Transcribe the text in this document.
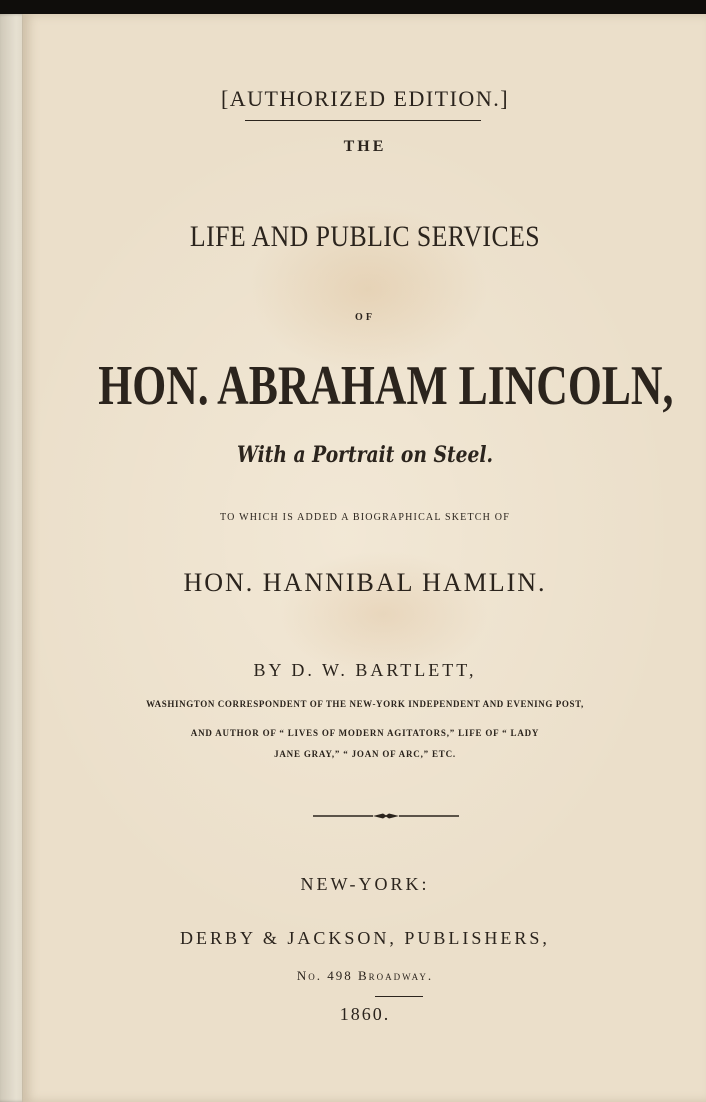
[AUTHORIZED EDITION.]

THE

LIFE AND PUBLIC SERVICES

OF

HON. ABRAHAM LINCOLN,

With a Portrait on Steel.

TO WHICH IS ADDED A BIOGRAPHICAL SKETCH OF

HON. HANNIBAL HAMLIN.

BY D. W. BARTLETT,

WASHINGTON CORRESPONDENT OF THE NEW-YORK INDEPENDENT AND EVENING POST,

AND AUTHOR OF “ LIVES OF MODERN AGITATORS,” LIFE OF “ LADY

JANE GRAY,” “ JOAN OF ARC,” ETC.

NEW-YORK:

DERBY & JACKSON, PUBLISHERS,

No. 498 Broadway.

1860.
